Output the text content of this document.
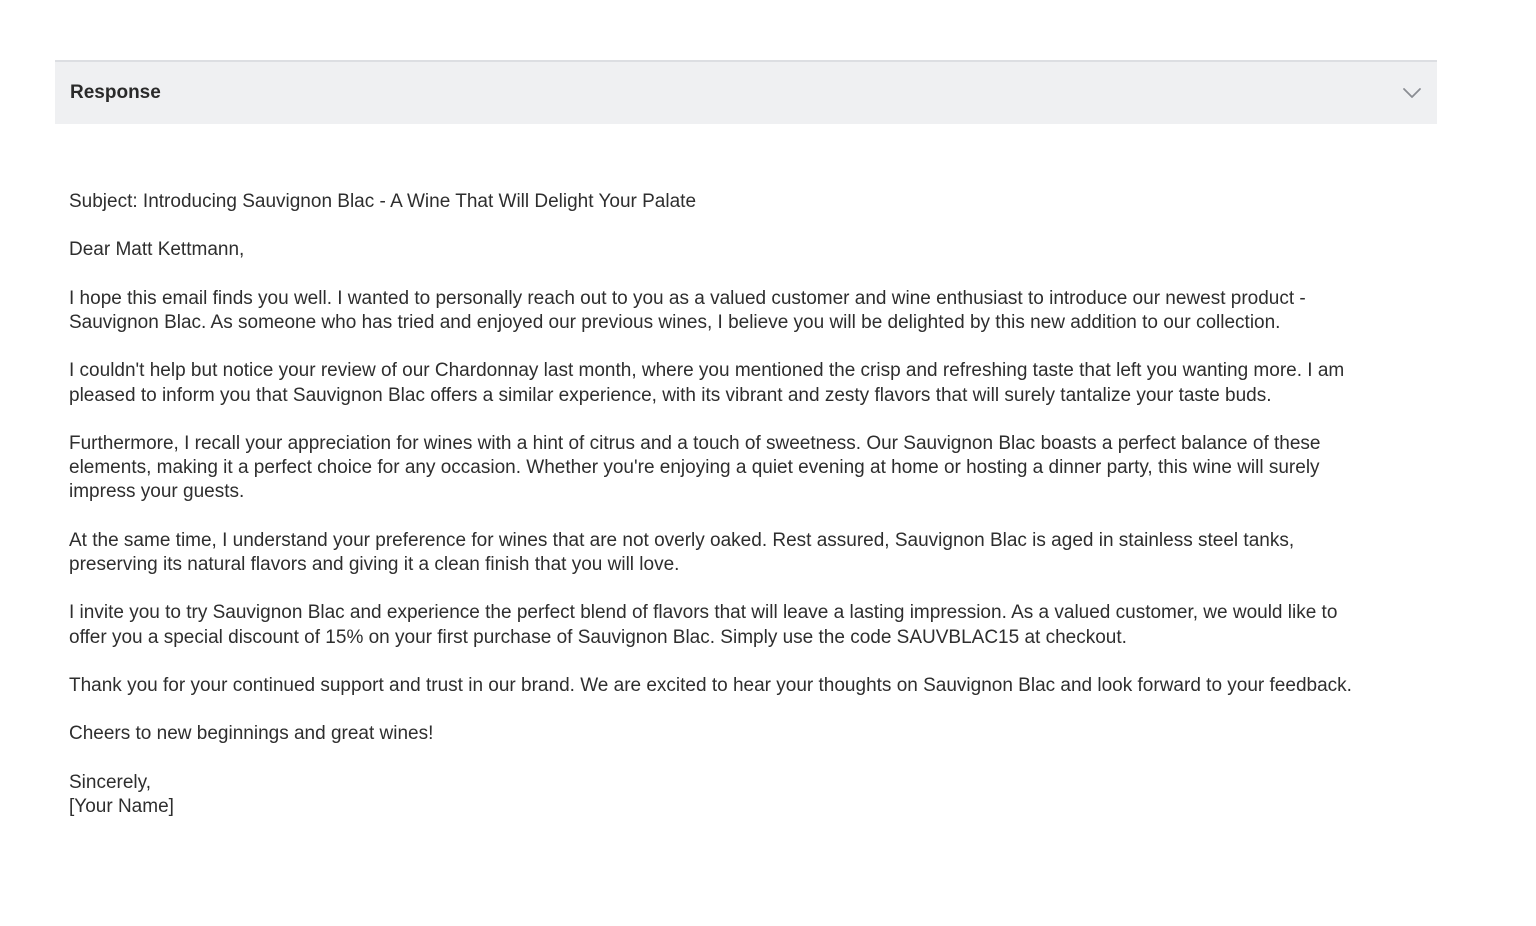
Response

Subject: Introducing Sauvignon Blac - A Wine That Will Delight Your Palate

Dear Matt Kettmann,

I hope this email finds you well. I wanted to personally reach out to you as a valued customer and wine enthusiast to introduce our newest product -
Sauvignon Blac. As someone who has tried and enjoyed our previous wines, I believe you will be delighted by this new addition to our collection.

I couldn't help but notice your review of our Chardonnay last month, where you mentioned the crisp and refreshing taste that left you wanting more. I am
pleased to inform you that Sauvignon Blac offers a similar experience, with its vibrant and zesty flavors that will surely tantalize your taste buds.

Furthermore, I recall your appreciation for wines with a hint of citrus and a touch of sweetness. Our Sauvignon Blac boasts a perfect balance of these
elements, making it a perfect choice for any occasion. Whether you're enjoying a quiet evening at home or hosting a dinner party, this wine will surely
impress your guests.

At the same time, I understand your preference for wines that are not overly oaked. Rest assured, Sauvignon Blac is aged in stainless steel tanks,
preserving its natural flavors and giving it a clean finish that you will love.

I invite you to try Sauvignon Blac and experience the perfect blend of flavors that will leave a lasting impression. As a valued customer, we would like to
offer you a special discount of 15% on your first purchase of Sauvignon Blac. Simply use the code SAUVBLAC15 at checkout.

Thank you for your continued support and trust in our brand. We are excited to hear your thoughts on Sauvignon Blac and look forward to your feedback.

Cheers to new beginnings and great wines!

Sincerely,
[Your Name]
